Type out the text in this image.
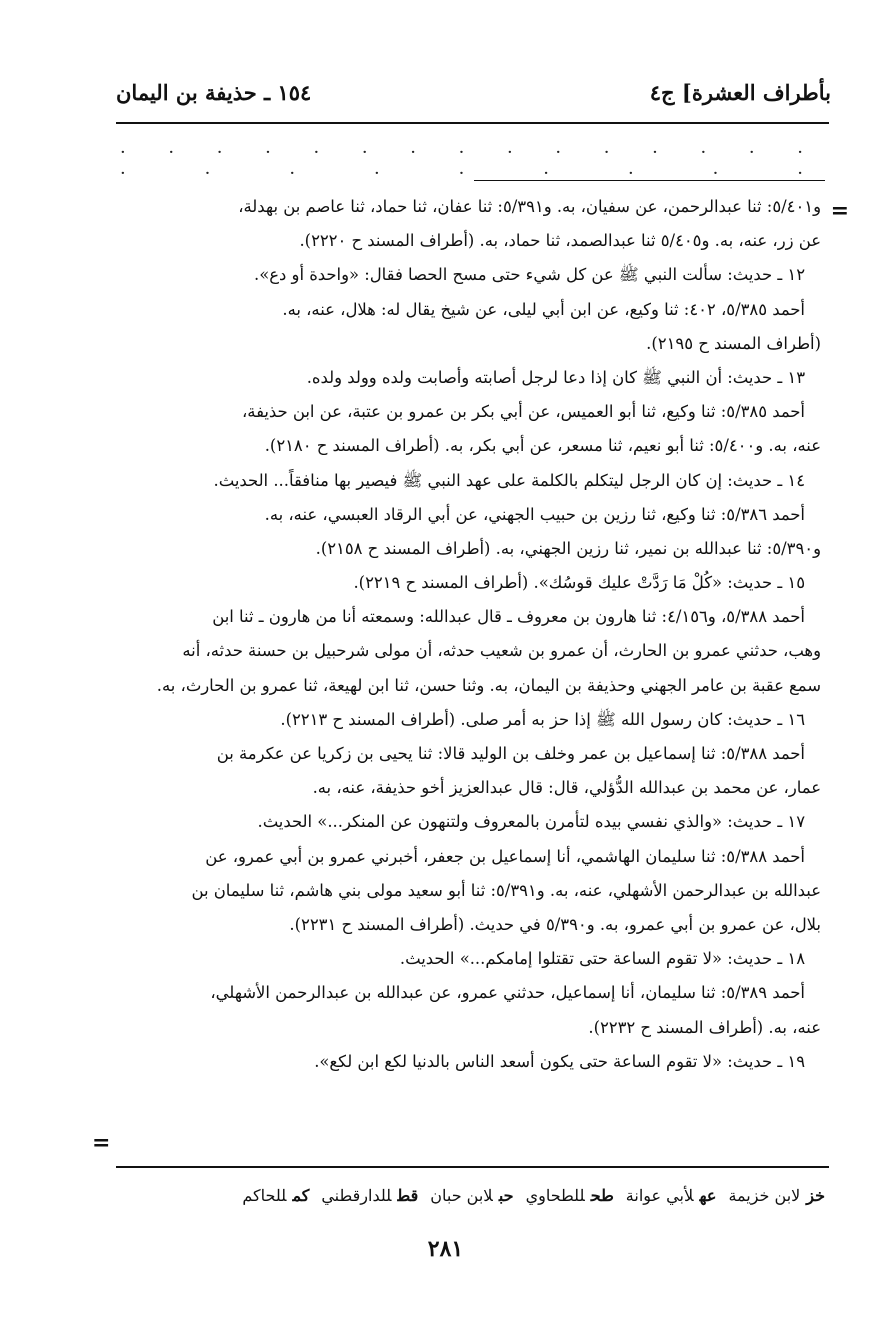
بأطراف العشرة] ج٤
١٥٤ ـ حذيفة بن اليمان
· · · · · · · · · · · · · · · · · · · · · · · ·
=
=
و٥/٤٠١: ثنا عبدالرحمن، عن سفيان، به. و٥/٣٩١: ثنا عفان، ثنا حماد، ثنا عاصم بن بهدلة،
عن زر، عنه، به. و٥/٤٠٥ ثنا عبدالصمد، ثنا حماد، به. (أطراف المسند ح ٢٢٢٠).
١٢ ـ حديث: سألت النبي ﷺ عن كل شيء حتى مسح الحصا فقال: «واحدة أو دع».
أحمد ٥/٣٨٥، ٤٠٢: ثنا وكيع، عن ابن أبي ليلى، عن شيخ يقال له: هلال، عنه، به.
(أطراف المسند ح ٢١٩٥).
١٣ ـ حديث: أن النبي ﷺ كان إذا دعا لرجل أصابته وأصابت ولده وولد ولده.
أحمد ٥/٣٨٥: ثنا وكيع، ثنا أبو العميس، عن أبي بكر بن عمرو بن عتبة، عن ابن حذيفة،
عنه، به. و٥/٤٠٠: ثنا أبو نعيم، ثنا مسعر، عن أبي بكر، به. (أطراف المسند ح ٢١٨٠).
١٤ ـ حديث: إن كان الرجل ليتكلم بالكلمة على عهد النبي ﷺ فيصير بها منافقاً... الحديث.
أحمد ٥/٣٨٦: ثنا وكيع، ثنا رزين بن حبيب الجهني، عن أبي الرقاد العبسي، عنه، به.
و٥/٣٩٠: ثنا عبدالله بن نمير، ثنا رزين الجهني، به. (أطراف المسند ح ٢١٥٨).
١٥ ـ حديث: «كُلْ مَا رَدَّتْ عليك قوسُك». (أطراف المسند ح ٢٢١٩).
أحمد ٥/٣٨٨، و٤/١٥٦: ثنا هارون بن معروف ـ قال عبدالله: وسمعته أنا من هارون ـ ثنا ابن
وهب، حدثني عمرو بن الحارث، أن عمرو بن شعيب حدثه، أن مولى شرحبيل بن حسنة حدثه، أنه
سمع عقبة بن عامر الجهني وحذيفة بن اليمان، به. وثنا حسن، ثنا ابن لهيعة، ثنا عمرو بن الحارث، به.
١٦ ـ حديث: كان رسول الله ﷺ إذا حز به أمر صلى. (أطراف المسند ح ٢٢١٣).
أحمد ٥/٣٨٨: ثنا إسماعيل بن عمر وخلف بن الوليد قالا: ثنا يحيى بن زكريا عن عكرمة بن
عمار، عن محمد بن عبدالله الدُّؤلي، قال: قال عبدالعزيز أخو حذيفة، عنه، به.
١٧ ـ حديث: «والذي نفسي بيده لتأمرن بالمعروف ولتنهون عن المنكر...» الحديث.
أحمد ٥/٣٨٨: ثنا سليمان الهاشمي، أنا إسماعيل بن جعفر، أخبرني عمرو بن أبي عمرو، عن
عبدالله بن عبدالرحمن الأشهلي، عنه، به. و٥/٣٩١: ثنا أبو سعيد مولى بني هاشم، ثنا سليمان بن
بلال، عن عمرو بن أبي عمرو، به. و٥/٣٩٠ في حديث. (أطراف المسند ح ٢٢٣١).
١٨ ـ حديث: «لا تقوم الساعة حتى تقتلوا إمامكم...» الحديث.
أحمد ٥/٣٨٩: ثنا سليمان، أنا إسماعيل، حدثني عمرو، عن عبدالله بن عبدالرحمن الأشهلي،
عنه، به. (أطراف المسند ح ٢٢٣٢).
١٩ ـ حديث: «لا تقوم الساعة حتى يكون أسعد الناس بالدنيا لكع ابن لكع».
خزلابن خزيمة
عهلأبي عوانة
طحللطحاوي
حبلابن حبان
قطللدارقطني
كمللحاكم
٢٨١
